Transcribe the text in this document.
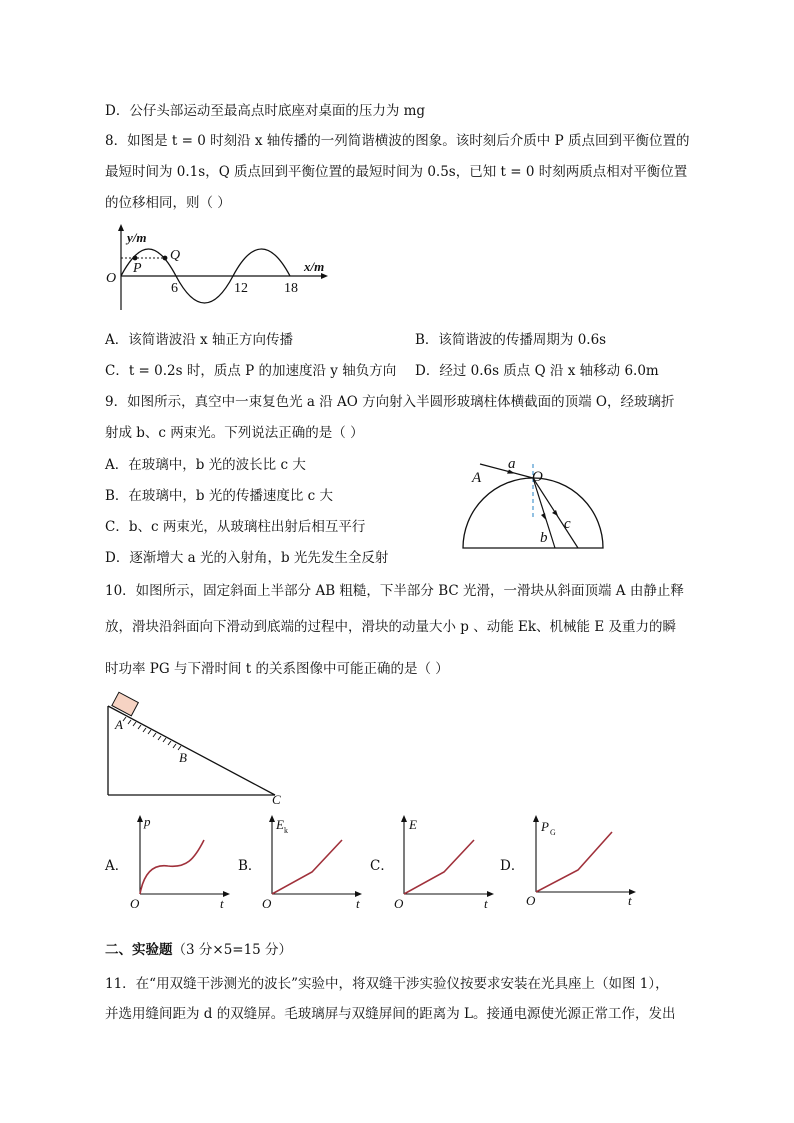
D．公仔头部运动至最高点时底座对桌面的压力为 mg
8．如图是 t = 0 时刻沿 x 轴传播的一列简谐横波的图象。该时刻后介质中 P 质点回到平衡位置的
最短时间为 0.1s，Q 质点回到平衡位置的最短时间为 0.5s，已知 t = 0 时刻两质点相对平衡位置
的位移相同，则（ ）
y/m
x/m
O
P
Q
6	12	18
A．该简谐波沿 x 轴正方向传播	B．该简谐波的传播周期为 0.6s
C．t = 0.2s 时，质点 P 的加速度沿 y 轴负方向 D．经过 0.6s 质点 Q 沿 x 轴移动 6.0m
9．如图所示，真空中一束复色光 a 沿 AO 方向射入半圆形玻璃柱体横截面的顶端 O，经玻璃折
射成 b、c 两束光。下列说法正确的是（ ）
A．在玻璃中，b 光的波长比 c 大
B．在玻璃中，b 光的传播速度比 c 大
C．b、c 两束光，从玻璃柱出射后相互平行
D．逐渐增大 a 光的入射角，b 光先发生全反射
A
a
O
b
c
10．如图所示，固定斜面上半部分 AB 粗糙，下半部分 BC 光滑，一滑块从斜面顶端 A 由静止释
放，滑块沿斜面向下滑动到底端的过程中，滑块的动量大小 p 、动能 Ek、机械能 E 及重力的瞬
时功率 PG 与下滑时间 t 的关系图像中可能正确的是（ ）
A
B
C
A．
p
O	t
B．
E k
O	t
C．
E
O	t
D．
P G
O	t
二、实验题（3 分×5=15 分）
11．在“用双缝干涉测光的波长”实验中，将双缝干涉实验仪按要求安装在光具座上（如图 1），
并选用缝间距为 d 的双缝屏。毛玻璃屏与双缝屏间的距离为 L。接通电源使光源正常工作，发出
